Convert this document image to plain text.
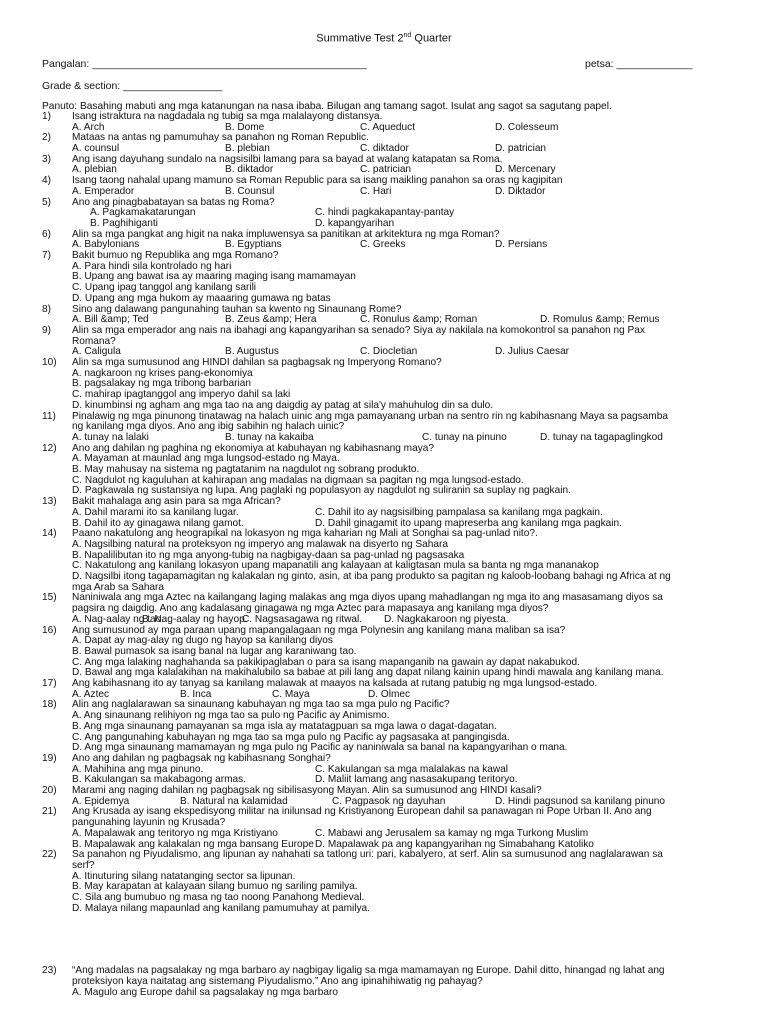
Summative Test 2nd Quarter
Pangalan: _______________________________________________	petsa: _____________
Grade & section: _________________
Panuto: Basahing mabuti ang mga katanungan na nasa ibaba. Bilugan ang tamang sagot. Isulat ang sagot sa sagutang papel.
1)	Isang istraktura na nagdadala ng tubig sa mga malalayong distansya.
A. Arch	B. Dome	C. Aqueduct	D. Colesseum
2)	Mataas na antas ng pamumuhay sa panahon ng Roman Republic.
A. counsul	B. plebian	C. diktador	D. patrician
3)	Ang isang dayuhang sundalo na nagsisilbi lamang para sa bayad at walang katapatan sa Roma.
A. plebian	B. diktador	C. patrician	D. Mercenary
4)	Isang taong nahalal upang mamuno sa Roman Republic para sa isang maikling panahon sa oras ng kagipitan
A. Emperador	B. Counsul	C. Hari	D. Diktador
5)	Ano ang pinagbabatayan sa batas ng Roma?
A. Pagkamakatarungan	C. hindi pagkakapantay-pantay
B. Paghihiganti	D. kapangyarihan
6)	Alin sa mga pangkat ang higit na naka impluwensya sa panitikan at arkitektura ng mga Roman?
A. Babylonians	B. Egyptians	C. Greeks	D. Persians
7)	Bakit bumuo ng Republika ang mga Romano?
A. Para hindi sila kontrolado ng hari
B. Upang ang bawat isa ay maaring maging isang mamamayan
C. Upang ipag tanggol ang kanilang sarili
D. Upang ang mga hukom ay maaaring gumawa ng batas
8)	Sino ang dalawang pangunahing tauhan sa kwento ng Sinaunang Rome?
A. Bill &amp; Ted	B. Zeus &amp; Hera	C. Ronulus &amp; Roman	D. Romulus &amp; Remus
9)	Alin sa mga emperador ang nais na ibahagi ang kapangyarihan sa senado? Siya ay nakilala na komokontrol sa panahon ng Pax
Romana?
A. Caligula	B. Augustus	C. Diocletian	D. Julius Caesar
10)	Alin sa mga sumusunod ang HINDI dahilan sa pagbagsak ng Imperyong Romano?
A. nagkaroon ng krises pang-ekonomiya
B. pagsalakay ng mga tribong barbarian
C. mahirap ipagtanggol ang imperyo dahil sa laki
D. kinumbinsi ng agham ang mga tao na ang daigdig ay patag at sila'y mahuhulog din sa dulo.
11)	Pinalawig ng mga pinunong tinatawag na halach uinic ang mga pamayanang urban na sentro rin ng kabihasnang Maya sa pagsamba
ng kanilang mga diyos. Ano ang ibig sabihin ng halach uinic?
A. tunay na lalaki	B. tunay na kakaiba	C. tunay na pinuno	D. tunay na tagapaglingkod
12)	Ano ang dahilan ng paghina ng ekonomiya at kabuhayan ng kabihasnang maya?
A. Mayaman at maunlad ang mga lungsod-estado ng Maya.
B. May mahusay na sistema ng pagtatanim na nagdulot ng sobrang produkto.
C. Nagdulot ng kaguluhan at kahirapan ang madalas na digmaan sa pagitan ng mga lungsod-estado.
D. Pagkawala ng sustansiya ng lupa. Ang paglaki ng populasyon ay nagdulot ng suliranin sa suplay ng pagkain.
13)	Bakit mahalaga ang asin para sa mga African?
A. Dahil marami ito sa kanilang lugar.	C. Dahil ito ay nagsisilbing pampalasa sa kanilang mga pagkain.
B. Dahil ito ay ginagawa nilang gamot.	D. Dahil ginagamit ito upang mapreserba ang kanilang mga pagkain.
14)	Paano nakatulong ang heograpikal na lokasyon ng mga kaharian ng Mali at Songhai sa pag-unlad nito?.
A. Nagsilbing natural na proteksyon ng imperyo ang malawak na disyerto ng Sahara
B. Napalilibutan ito ng mga anyong-tubig na nagbigay-daan sa pag-unlad ng pagsasaka
C. Nakatulong ang kanilang lokasyon upang mapanatili ang kalayaan at kaligtasan mula sa banta ng mga mananakop
D. Nagsilbi itong tagapamagitan ng kalakalan ng ginto, asin, at iba pang produkto sa pagitan ng kaloob-loobang bahagi ng Africa at ng
mga Arab sa Sahara
15)	Naniniwala ang mga Aztec na kailangang laging malakas ang mga diyos upang mahadlangan ng mga ito ang masasamang diyos sa
pagsira ng daigdig. Ano ang kadalasang ginagawa ng mga Aztec para mapasaya ang kanilang mga diyos?
A. Nag-aalay ng tao.
B. Nag-aalay ng hayop.
C. Nagsasagawa ng ritwal. D. Nagkakaroon ng piyesta.
16)	Ang sumusunod ay mga paraan upang mapangalagaan ng mga Polynesin ang kanilang mana maliban sa isa?
A. Dapat ay mag-alay ng dugo ng hayop sa kanilang diyos
B. Bawal pumasok sa isang banal na lugar ang karaniwang tao.
C. Ang mga lalaking naghahanda sa pakikipaglaban o para sa isang mapanganib na gawain ay dapat nakabukod.
D. Bawal ang mga kalalakihan na makihalubilo sa babae at pili lang ang dapat nilang kainin upang hindi mawala ang kanilang mana.
17)	Ang kabihasnang ito ay tanyag sa kanilang malawak at maayos na kalsada at rutang patubig ng mga lungsod-estado.
A. Aztec	B. Inca	C. Maya	D. Olmec
18)	Alin ang naglalarawan sa sinaunang kabuhayan ng mga tao sa mga pulo ng Pacific?
A. Ang sinaunang relihiyon ng mga tao sa pulo ng Pacific ay Animismo.
B. Ang mga sinaunang pamayanan sa mga isla ay matatagpuan sa mga lawa o dagat-dagatan.
C. Ang pangunahing kabuhayan ng mga tao sa mga pulo ng Pacific ay pagsasaka at pangingisda.
D. Ang mga sinaunang mamamayan ng mga pulo ng Pacific ay naniniwala sa banal na kapangyarihan o mana.
19)	Ano ang dahilan ng pagbagsak ng kabihasnang Songhai?
A. Mahihina ang mga pinuno.	C. Kakulangan sa mga malalakas na kawal
B. Kakulangan sa makabagong armas.	D. Maliit lamang ang nasasakupang teritoryo.
20)	Marami ang naging dahilan ng pagbagsak ng sibilisasyong Mayan. Alin sa sumusunod ang HINDI kasali?
A. Epidemya	B. Natural na kalamidad	C. Pagpasok ng dayuhan	D. Hindi pagsunod sa kanilang pinuno
21)	Ang Krusada ay isang ekspedisyong militar na inilunsad ng Kristiyanong European dahil sa panawagan ni Pope Urban II. Ano ang
pangunahing layunin ng Krusada?
A. Mapalawak ang teritoryo ng mga Kristiyano	C. Mabawi ang Jerusalem sa kamay ng mga Turkong Muslim
B. Mapalawak ang kalakalan ng mga bansang Europe D. Mapalawak pa ang kapangyarihan ng Simabahang Katoliko
22)	Sa panahon ng Piyudalismo, ang lipunan ay nahahati sa tatlong uri: pari, kabalyero, at serf. Alin sa sumusunod ang naglalarawan sa
serf?
A. Itinuturing silang natatanging sector sa lipunan.
B. May karapatan at kalayaan silang bumuo ng sariling pamilya.
C. Sila ang bumubuo ng masa ng tao noong Panahong Medieval.
D. Malaya nilang mapaunlad ang kanilang pamumuhay at pamilya.
23)	“Ang madalas na pagsalakay ng mga barbaro ay nagbigay ligalig sa mga mamamayan ng Europe. Dahil ditto, hinangad ng lahat ang
proteksiyon kaya naitatag ang sistemang Piyudalismo.” Ano ang ipinahihiwatig ng pahayag?
A. Magulo ang Europe dahil sa pagsalakay ng mga barbaro
